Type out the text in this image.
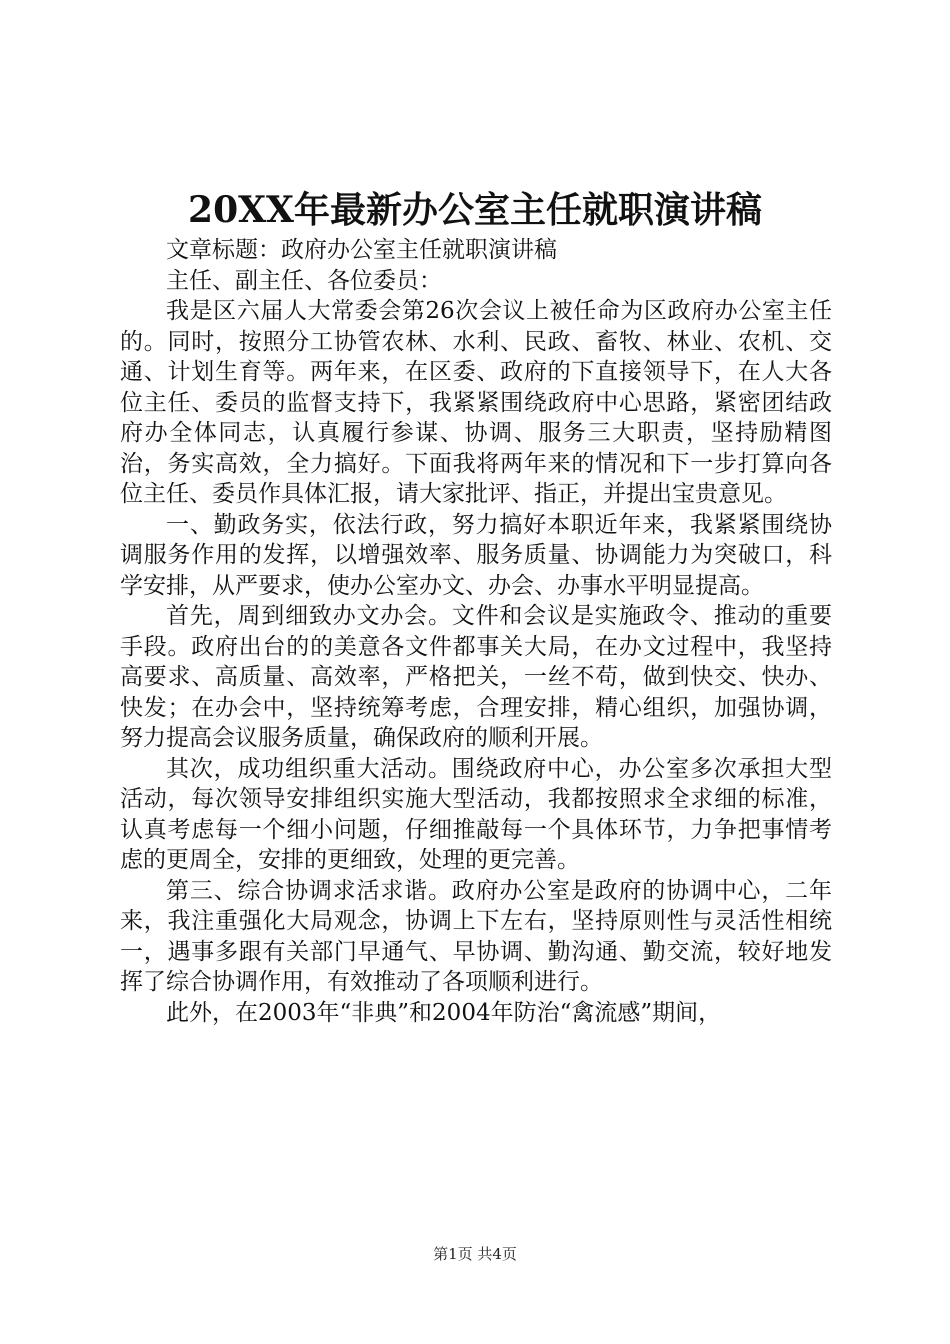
20XX年最新办公室主任就职演讲稿

文章标题：政府办公室主任就职演讲稿

主任、副主任、各位委员：

我是区六届人大常委会第26次会议上被任命为区政府办公室主任的。同时，按照分工协管农林、水利、民政、畜牧、林业、农机、交通、计划生育等。两年来，在区委、政府的下直接领导下，在人大各位主任、委员的监督支持下，我紧紧围绕政府中心思路，紧密团结政府办全体同志，认真履行参谋、协调、服务三大职责，坚持励精图治，务实高效，全力搞好。下面我将两年来的情况和下一步打算向各位主任、委员作具体汇报，请大家批评、指正，并提出宝贵意见。

一、勤政务实，依法行政，努力搞好本职近年来，我紧紧围绕协调服务作用的发挥，以增强效率、服务质量、协调能力为突破口，科学安排，从严要求，使办公室办文、办会、办事水平明显提高。

首先，周到细致办文办会。文件和会议是实施政令、推动的重要手段。政府出台的的美意各文件都事关大局，在办文过程中，我坚持高要求、高质量、高效率，严格把关，一丝不苟，做到快交、快办、快发；在办会中，坚持统筹考虑，合理安排，精心组织，加强协调，努力提高会议服务质量，确保政府的顺利开展。

其次，成功组织重大活动。围绕政府中心，办公室多次承担大型活动，每次领导安排组织实施大型活动，我都按照求全求细的标准，认真考虑每一个细小问题，仔细推敲每一个具体环节，力争把事情考虑的更周全，安排的更细致，处理的更完善。

第三、综合协调求活求谐。政府办公室是政府的协调中心，二年来，我注重强化大局观念，协调上下左右，坚持原则性与灵活性相统一，遇事多跟有关部门早通气、早协调、勤沟通、勤交流，较好地发挥了综合协调作用，有效推动了各项顺利进行。

此外，在2003年“非典”和2004年防治“禽流感”期间，

第1页 共4页
